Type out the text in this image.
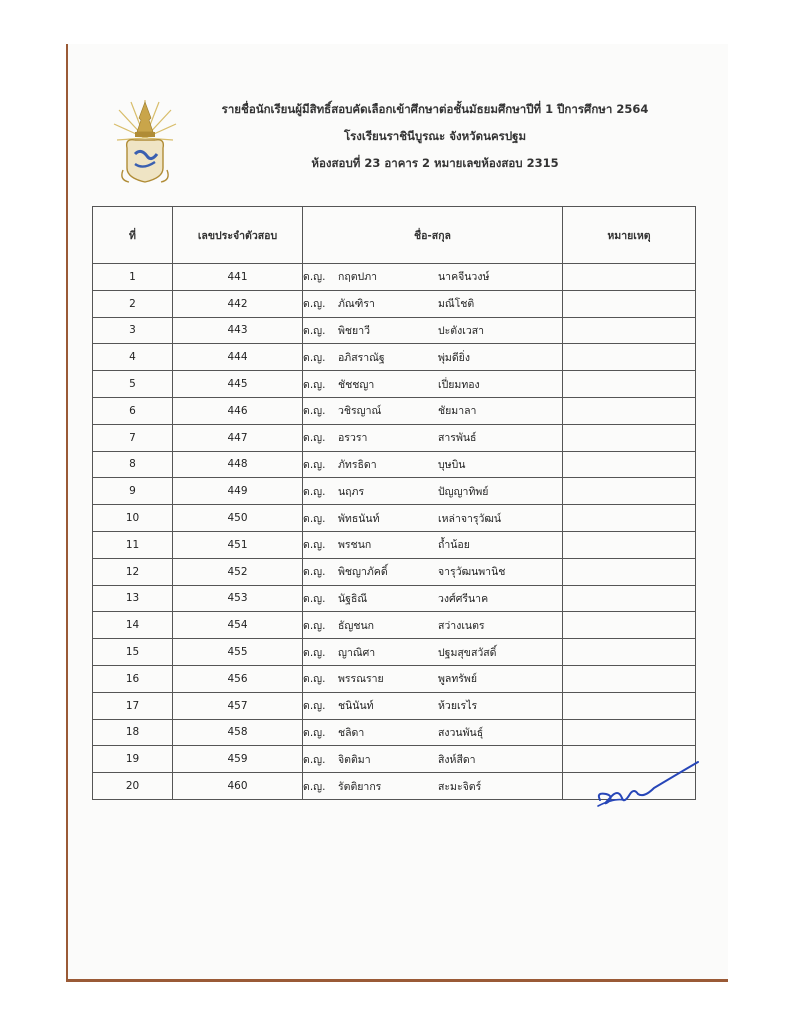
รายชื่อนักเรียนผู้มีสิทธิ์สอบคัดเลือกเข้าศึกษาต่อชั้นมัธยมศึกษาปีที่ 1 ปีการศึกษา 2564
โรงเรียนราชินีบูรณะ จังหวัดนครปฐม
ห้องสอบที่ 23 อาคาร 2 หมายเลขห้องสอบ 2315
ที่	เลขประจำตัวสอบ	ชื่อ-สกุล	หมายเหตุ
1	441	ด.ญ. กฤตปภา นาคจีนวงษ์	
2	442	ด.ญ. ภัณฑิรา มณีโชติ	
3	443	ด.ญ. พิชยาวี ปะตังเวสา	
4	444	ด.ญ. อภิสราณัฐ พุ่มดียิ่ง	
5	445	ด.ญ. ชัชชญา เปี่ยมทอง	
6	446	ด.ญ. วชิรญาณ์ ชัยมาลา	
7	447	ด.ญ. อรวรา สารพันธ์	
8	448	ด.ญ. ภัทรธิดา บุษบิน	
9	449	ด.ญ. นฤภร ปัญญาทิพย์	
10	450	ด.ญ. พัทธนันท์ เหล่าจารุวัฒน์	
11	451	ด.ญ. พรชนก ถ้ำน้อย	
12	452	ด.ญ. พิชญาภัคดิ์ จารุวัฒนพานิช	
13	453	ด.ญ. นัฐธิณี วงศ์ศรีนาค	
14	454	ด.ญ. ธัญชนก สว่างเนตร	
15	455	ด.ญ. ญาณิศา ปฐมสุขสวัสดิ์	
16	456	ด.ญ. พรรณราย พูลทรัพย์	
17	457	ด.ญ. ชนินันท์ ห้วยเรไร	
18	458	ด.ญ. ชลิดา สงวนพันธุ์	
19	459	ด.ญ. จิตติมา สิงห์สีดา	
20	460	ด.ญ. รัตติยากร สะมะจิตร์	
